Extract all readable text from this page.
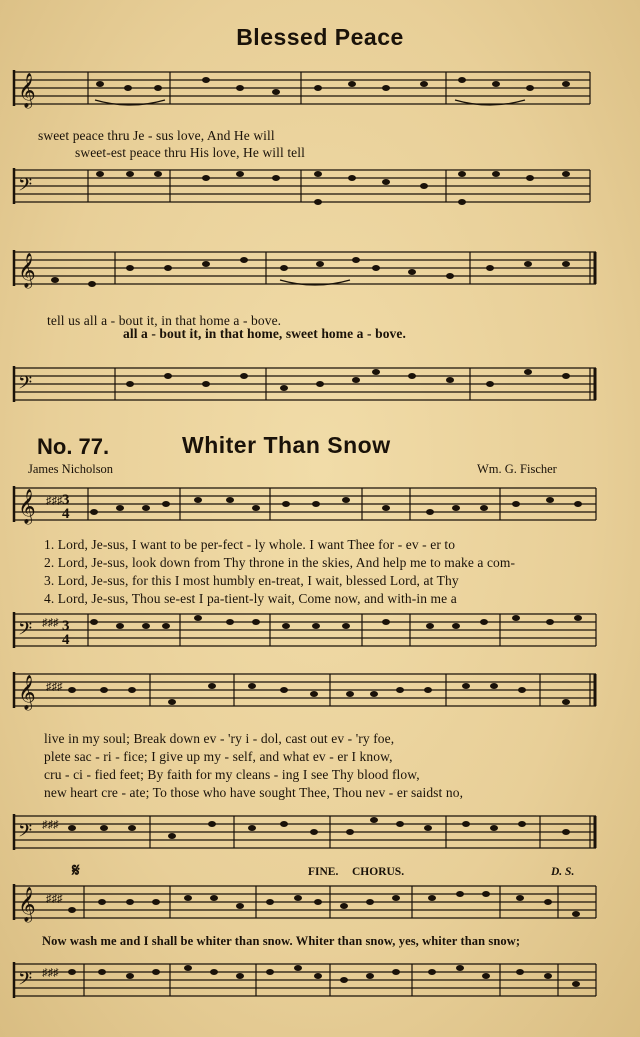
Blessed Peace
𝄞
sweet peace thru Je - sus love, And He will
sweet-est peace thru His love, He will tell
𝄢
𝄞
tell us all a - bout it, in that home a - bove.
all a - bout it, in that home, sweet home a - bove.
𝄢
No. 77.	Whiter Than Snow
James Nicholson	Wm. G. Fischer
𝄞 ♯♯♯ 3
4
1. Lord, Je-sus, I want to be per-fect - ly whole. I want Thee for - ev - er to
2. Lord, Je-sus, look down from Thy throne in the skies, And help me to make a com-
3. Lord, Je-sus, for this I most humbly en-treat, I wait, blessed Lord, at Thy
4. Lord, Je-sus, Thou se-est I pa-tient-ly wait, Come now, and with-in me a
𝄢 ♯♯♯ 3
4
𝄞 ♯♯♯
live in my soul; Break down ev - 'ry i - dol, cast out ev - 'ry foe,
plete sac - ri - fice; I give up my - self, and what ev - er I know,
cru - ci - fied feet; By faith for my cleans - ing I see Thy blood flow,
new heart cre - ate; To those who have sought Thee, Thou nev - er saidst no,
𝄢 ♯♯♯
𝄋	FINE. CHORUS.	D. S.
𝄞 ♯♯♯
Now wash me and I shall be whiter than snow. Whiter than snow, yes, whiter than snow;
𝄢 ♯♯♯
